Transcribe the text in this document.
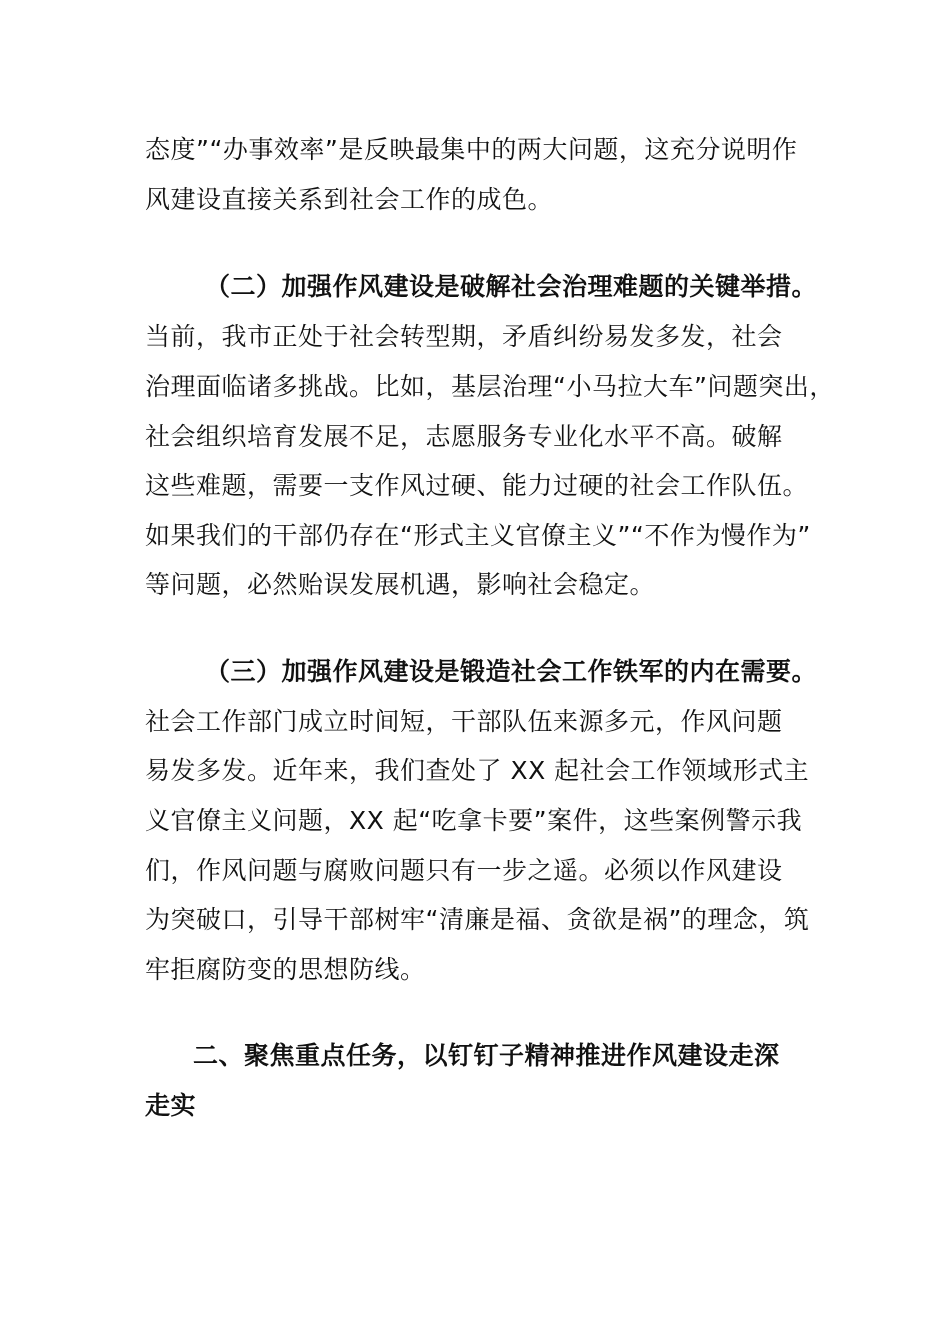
态度”“办事效率”是反映最集中的两大问题，这充分说明作
风建设直接关系到社会工作的成色。
（二）加强作风建设是破解社会治理难题的关键举措。
当前，我市正处于社会转型期，矛盾纠纷易发多发，社会
治理面临诸多挑战。比如，基层治理“小马拉大车”问题突出，
社会组织培育发展不足，志愿服务专业化水平不高。破解
这些难题，需要一支作风过硬、能力过硬的社会工作队伍。
如果我们的干部仍存在“形式主义官僚主义”“不作为慢作为”
等问题，必然贻误发展机遇，影响社会稳定。
（三）加强作风建设是锻造社会工作铁军的内在需要。
社会工作部门成立时间短，干部队伍来源多元，作风问题
易发多发。近年来，我们查处了 XX 起社会工作领域形式主
义官僚主义问题，XX 起“吃拿卡要”案件，这些案例警示我
们，作风问题与腐败问题只有一步之遥。必须以作风建设
为突破口，引导干部树牢“清廉是福、贪欲是祸”的理念，筑
牢拒腐防变的思想防线。
二、聚焦重点任务，以钉钉子精神推进作风建设走深
走实
